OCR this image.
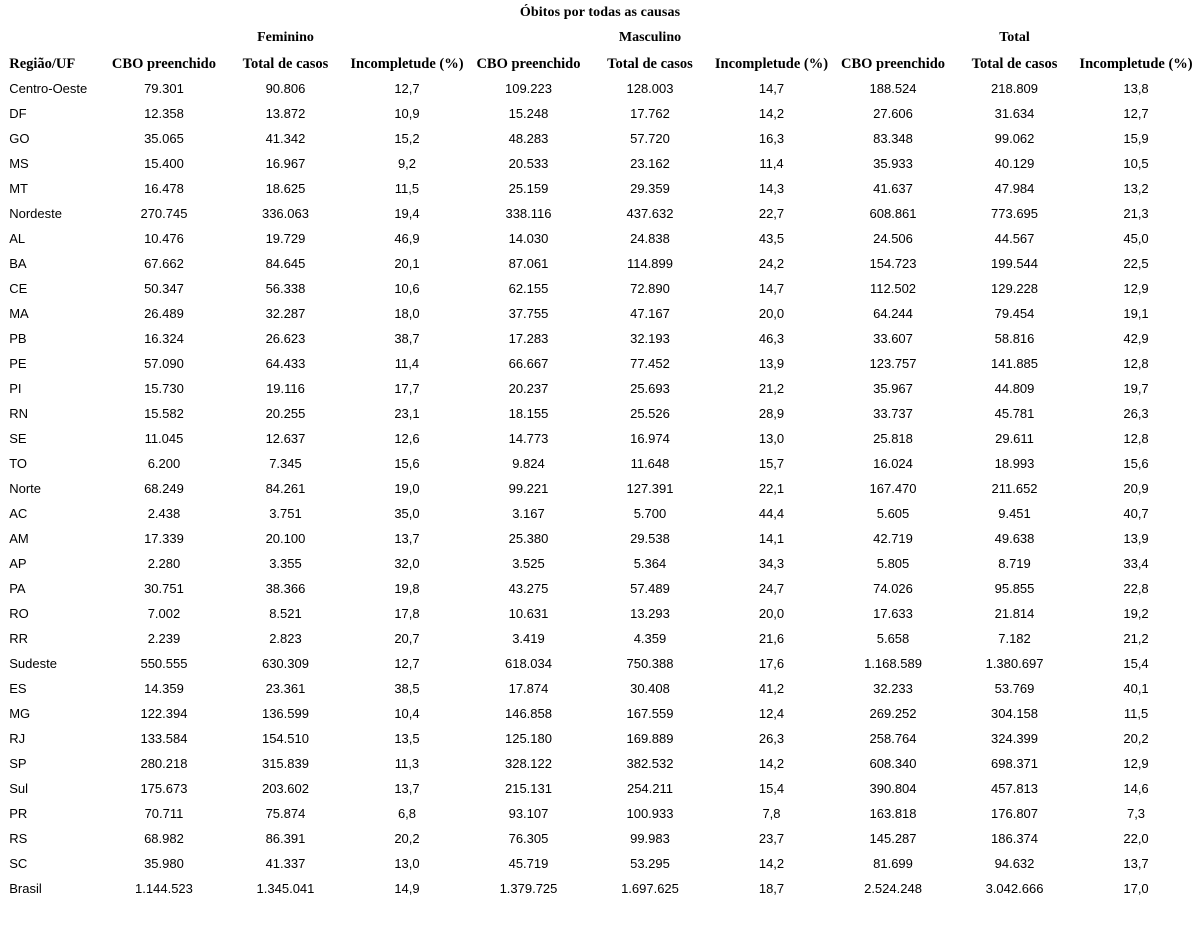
Óbitos por todas as causas
	Feminino			Masculino			Total		
Região/UF	CBO preenchido	Total de casos	Incompletude (%)	CBO preenchido	Total de casos	Incompletude (%)	CBO preenchido	Total de casos	Incompletude (%)
Centro-Oeste	79.301	90.806	12,7	109.223	128.003	14,7	188.524	218.809	13,8
DF	12.358	13.872	10,9	15.248	17.762	14,2	27.606	31.634	12,7
GO	35.065	41.342	15,2	48.283	57.720	16,3	83.348	99.062	15,9
MS	15.400	16.967	9,2	20.533	23.162	11,4	35.933	40.129	10,5
MT	16.478	18.625	11,5	25.159	29.359	14,3	41.637	47.984	13,2
Nordeste	270.745	336.063	19,4	338.116	437.632	22,7	608.861	773.695	21,3
AL	10.476	19.729	46,9	14.030	24.838	43,5	24.506	44.567	45,0
BA	67.662	84.645	20,1	87.061	114.899	24,2	154.723	199.544	22,5
CE	50.347	56.338	10,6	62.155	72.890	14,7	112.502	129.228	12,9
MA	26.489	32.287	18,0	37.755	47.167	20,0	64.244	79.454	19,1
PB	16.324	26.623	38,7	17.283	32.193	46,3	33.607	58.816	42,9
PE	57.090	64.433	11,4	66.667	77.452	13,9	123.757	141.885	12,8
PI	15.730	19.116	17,7	20.237	25.693	21,2	35.967	44.809	19,7
RN	15.582	20.255	23,1	18.155	25.526	28,9	33.737	45.781	26,3
SE	11.045	12.637	12,6	14.773	16.974	13,0	25.818	29.611	12,8
TO	6.200	7.345	15,6	9.824	11.648	15,7	16.024	18.993	15,6
Norte	68.249	84.261	19,0	99.221	127.391	22,1	167.470	211.652	20,9
AC	2.438	3.751	35,0	3.167	5.700	44,4	5.605	9.451	40,7
AM	17.339	20.100	13,7	25.380	29.538	14,1	42.719	49.638	13,9
AP	2.280	3.355	32,0	3.525	5.364	34,3	5.805	8.719	33,4
PA	30.751	38.366	19,8	43.275	57.489	24,7	74.026	95.855	22,8
RO	7.002	8.521	17,8	10.631	13.293	20,0	17.633	21.814	19,2
RR	2.239	2.823	20,7	3.419	4.359	21,6	5.658	7.182	21,2
Sudeste	550.555	630.309	12,7	618.034	750.388	17,6	1.168.589	1.380.697	15,4
ES	14.359	23.361	38,5	17.874	30.408	41,2	32.233	53.769	40,1
MG	122.394	136.599	10,4	146.858	167.559	12,4	269.252	304.158	11,5
RJ	133.584	154.510	13,5	125.180	169.889	26,3	258.764	324.399	20,2
SP	280.218	315.839	11,3	328.122	382.532	14,2	608.340	698.371	12,9
Sul	175.673	203.602	13,7	215.131	254.211	15,4	390.804	457.813	14,6
PR	70.711	75.874	6,8	93.107	100.933	7,8	163.818	176.807	7,3
RS	68.982	86.391	20,2	76.305	99.983	23,7	145.287	186.374	22,0
SC	35.980	41.337	13,0	45.719	53.295	14,2	81.699	94.632	13,7
Brasil	1.144.523	1.345.041	14,9	1.379.725	1.697.625	18,7	2.524.248	3.042.666	17,0
